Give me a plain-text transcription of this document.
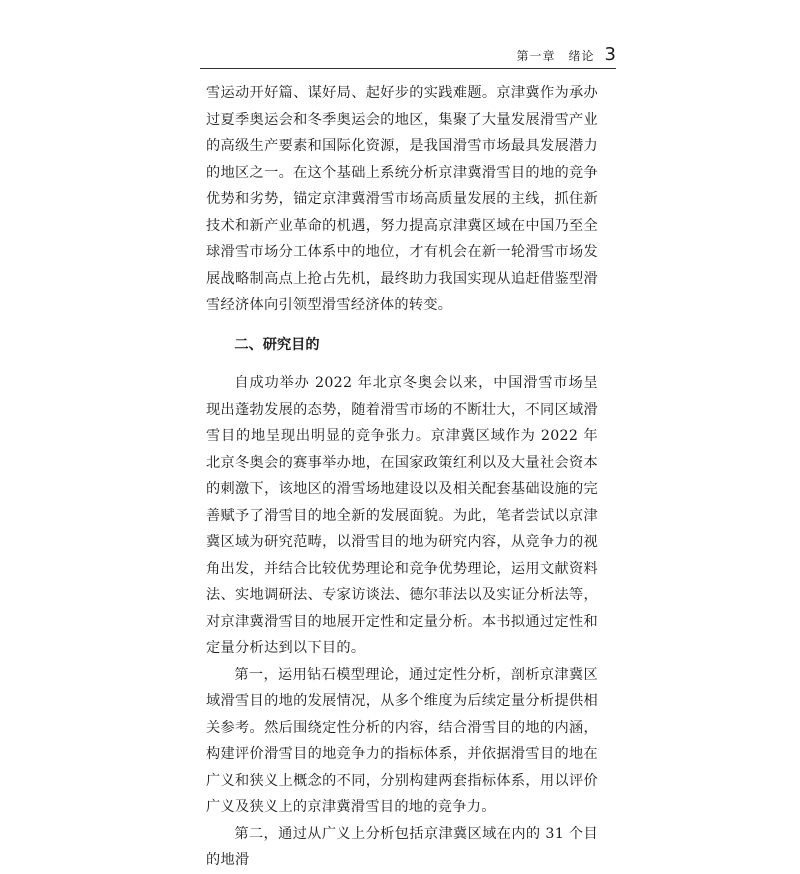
第一章　绪论 3

雪运动开好篇、谋好局、起好步的实践难题。京津冀作为承办过夏季奥运会和冬季奥运会的地区，集聚了大量发展滑雪产业的高级生产要素和国际化资源，是我国滑雪市场最具发展潜力的地区之一。在这个基础上系统分析京津冀滑雪目的地的竞争优势和劣势，锚定京津冀滑雪市场高质量发展的主线，抓住新技术和新产业革命的机遇，努力提高京津冀区域在中国乃至全球滑雪市场分工体系中的地位，才有机会在新一轮滑雪市场发展战略制高点上抢占先机，最终助力我国实现从追赶借鉴型滑雪经济体向引领型滑雪经济体的转变。

二、研究目的

自成功举办 2022 年北京冬奥会以来，中国滑雪市场呈现出蓬勃发展的态势，随着滑雪市场的不断壮大，不同区域滑雪目的地呈现出明显的竞争张力。京津冀区域作为 2022 年北京冬奥会的赛事举办地，在国家政策红利以及大量社会资本的刺激下，该地区的滑雪场地建设以及相关配套基础设施的完善赋予了滑雪目的地全新的发展面貌。为此，笔者尝试以京津冀区域为研究范畴，以滑雪目的地为研究内容，从竞争力的视角出发，并结合比较优势理论和竞争优势理论，运用文献资料法、实地调研法、专家访谈法、德尔菲法以及实证分析法等，对京津冀滑雪目的地展开定性和定量分析。本书拟通过定性和定量分析达到以下目的。

第一，运用钻石模型理论，通过定性分析，剖析京津冀区域滑雪目的地的发展情况，从多个维度为后续定量分析提供相关参考。然后围绕定性分析的内容，结合滑雪目的地的内涵，构建评价滑雪目的地竞争力的指标体系，并依据滑雪目的地在广义和狭义上概念的不同，分别构建两套指标体系，用以评价广义及狭义上的京津冀滑雪目的地的竞争力。

第二，通过从广义上分析包括京津冀区域在内的 31 个目的地滑
